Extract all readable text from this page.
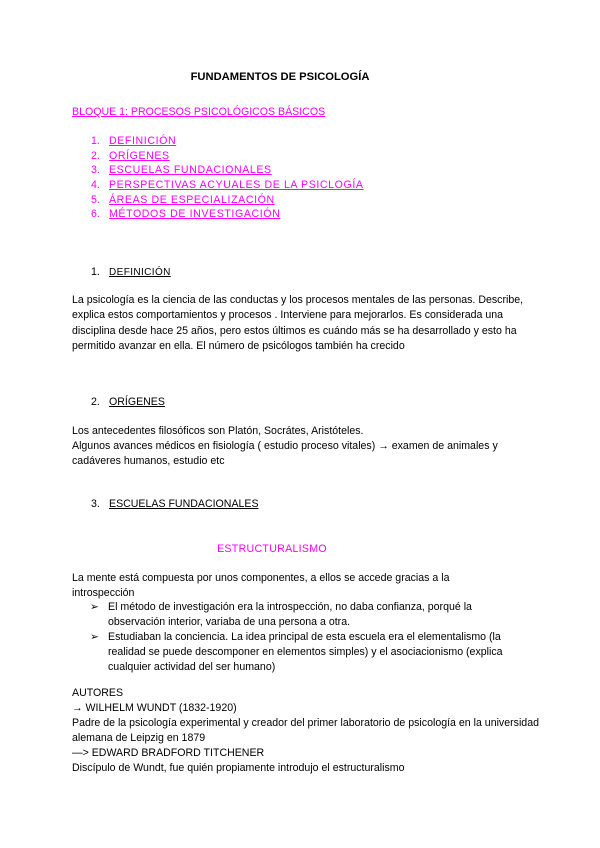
FUNDAMENTOS DE PSICOLOGÍA
BLOQUE 1: PROCESOS PSICOLÓGICOS BÁSICOS
1. DEFINICIÓN
2. ORÍGENES
3. ESCUELAS FUNDACIONALES
4. PERSPECTIVAS ACYUALES DE LA PSICLOGÍA
5. ÁREAS DE ESPECIALIZACIÓN
6. MÉTODOS DE INVESTIGACIÓN
1. DEFINICIÓN
La psicología es la ciencia de las conductas y los procesos mentales de las personas. Describe, explica estos comportamientos y procesos . Interviene para mejorarlos. Es considerada una disciplina desde hace 25 años, pero estos últimos es cuándo más se ha desarrollado y esto ha permitido avanzar en ella. El número de psicólogos también ha crecido
2. ORÍGENES
Los antecedentes filosóficos son Platón, Socrátes, Aristóteles.
Algunos avances médicos en fisiología ( estudio proceso vitales) → examen de animales y cadáveres humanos, estudio etc
3. ESCUELAS FUNDACIONALES
ESTRUCTURALISMO
La mente está compuesta por unos componentes, a ellos se accede gracias a la introspección
➢ El método de investigación era la introspección, no daba confianza, porqué la observación interior, variaba de una persona a otra.
➢ Estudiaban la conciencia. La idea principal de esta escuela era el elementalismo (la realidad se puede descomponer en elementos simples) y el asociacionismo (explica cualquier actividad del ser humano)
AUTORES
→ WILHELM WUNDT (1832-1920)
Padre de la psicología experimental y creador del primer laboratorio de psicología en la universidad alemana de Leipzig en 1879
—> EDWARD BRADFORD TITCHENER
Discípulo de Wundt, fue quién propiamente introdujo el estructuralismo
